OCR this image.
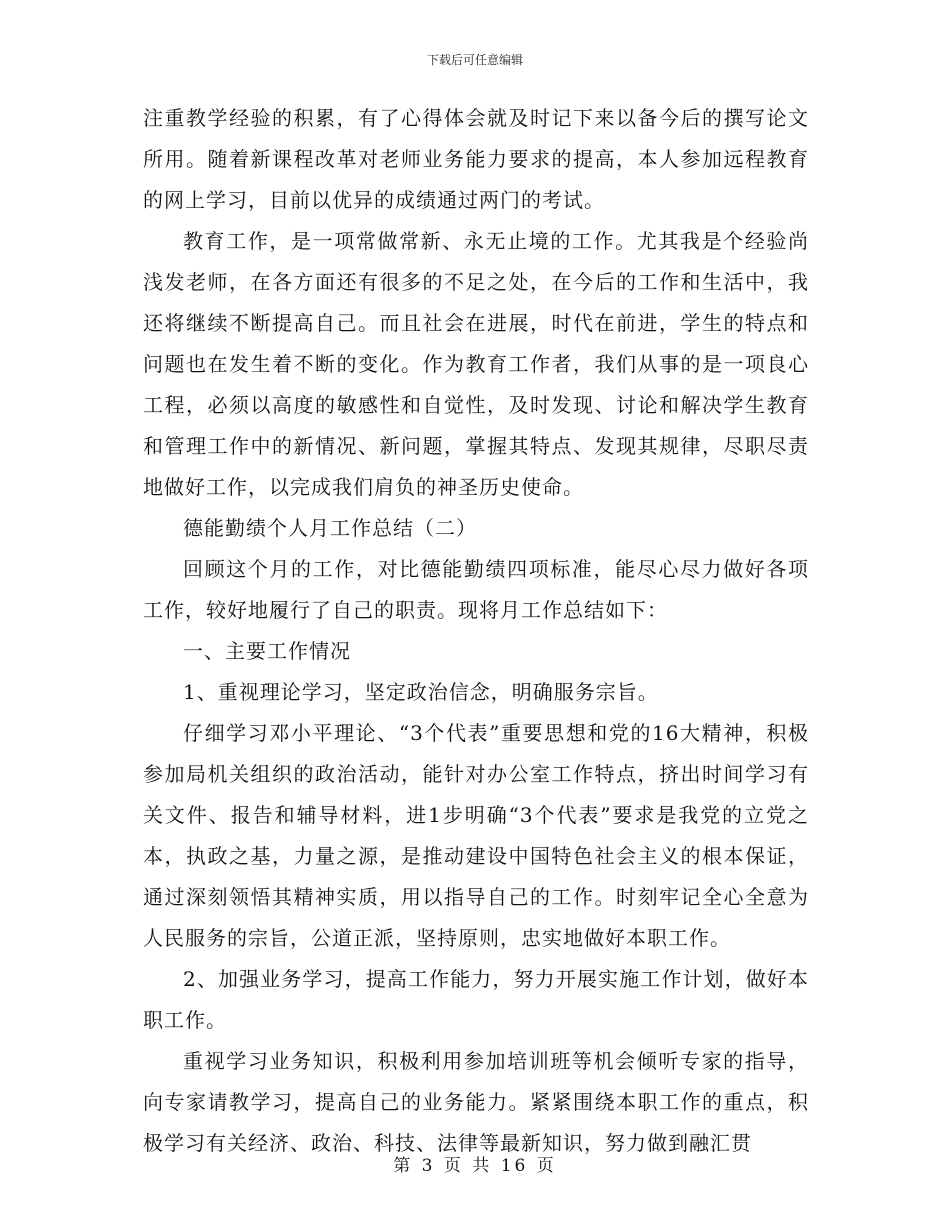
下载后可任意编辑

注重教学经验的积累，有了心得体会就及时记下来以备今后的撰写论文所用。随着新课程改革对老师业务能力要求的提高，本人参加远程教育的网上学习，目前以优异的成绩通过两门的考试。

教育工作，是一项常做常新、永无止境的工作。尤其我是个经验尚浅发老师，在各方面还有很多的不足之处，在今后的工作和生活中，我还将继续不断提高自己。而且社会在进展，时代在前进，学生的特点和问题也在发生着不断的变化。作为教育工作者，我们从事的是一项良心工程，必须以高度的敏感性和自觉性，及时发现、讨论和解决学生教育和管理工作中的新情况、新问题，掌握其特点、发现其规律，尽职尽责地做好工作，以完成我们肩负的神圣历史使命。

德能勤绩个人月工作总结（二）

回顾这个月的工作，对比德能勤绩四项标准，能尽心尽力做好各项工作，较好地履行了自己的职责。现将月工作总结如下：

一、主要工作情况

1、重视理论学习，坚定政治信念，明确服务宗旨。

仔细学习邓小平理论、“3个代表”重要思想和党的16大精神，积极参加局机关组织的政治活动，能针对办公室工作特点，挤出时间学习有关文件、报告和辅导材料，进1步明确“3个代表”要求是我党的立党之本，执政之基，力量之源，是推动建设中国特色社会主义的根本保证，通过深刻领悟其精神实质，用以指导自己的工作。时刻牢记全心全意为人民服务的宗旨，公道正派，坚持原则，忠实地做好本职工作。

2、加强业务学习，提高工作能力，努力开展实施工作计划，做好本职工作。

重视学习业务知识，积极利用参加培训班等机会倾听专家的指导，向专家请教学习，提高自己的业务能力。紧紧围绕本职工作的重点，积极学习有关经济、政治、科技、法律等最新知识，努力做到融汇贯

第 3 页 共 16 页
